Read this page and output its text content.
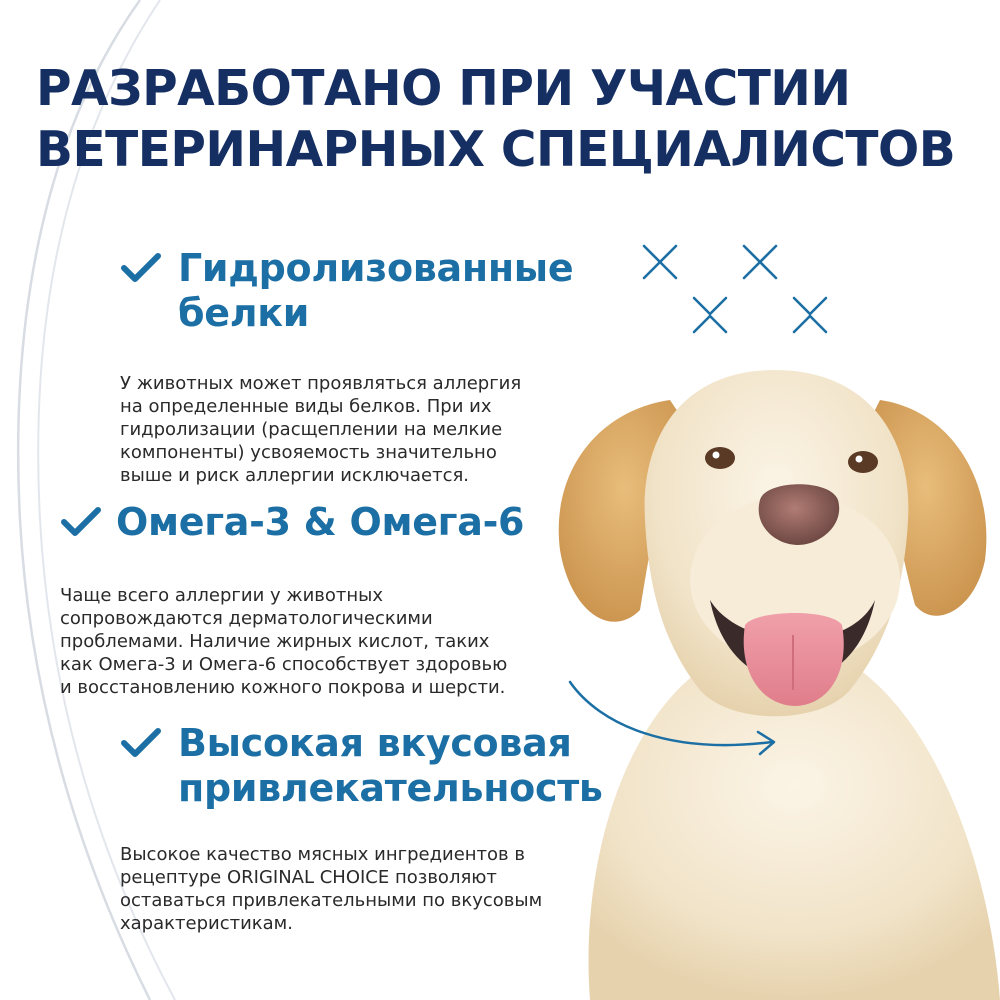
РАЗРАБОТАНО ПРИ УЧАСТИИ
ВЕТЕРИНАРНЫХ СПЕЦИАЛИСТОВ
Гидролизованные
белки

У животных может проявляться аллергия
на определенные виды белков. При их
гидролизации (расщеплении на мелкие
компоненты) усвояемость значительно
выше и риск аллергии исключается.

Омега-3 & Омега-6

Чаще всего аллергии у животных
сопровождаются дерматологическими
проблемами. Наличие жирных кислот, таких
как Омега-3 и Омега-6 способствует здоровью
и восстановлению кожного покрова и шерсти.

Высокая вкусовая
привлекательность

Высокое качество мясных ингредиентов в
рецептуре ORIGINAL CHOICE позволяют
оставаться привлекательными по вкусовым
характеристикам.
